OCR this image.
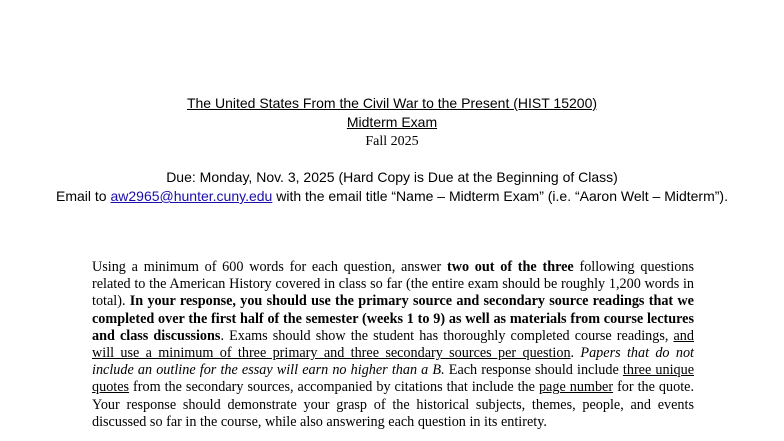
The United States From the Civil War to the Present (HIST 15200)
Midterm Exam
Fall 2025
Due: Monday, Nov. 3, 2025 (Hard Copy is Due at the Beginning of Class)
Email to aw2965@hunter.cuny.edu with the email title “Name – Midterm Exam” (i.e. “Aaron Welt – Midterm”).
Using a minimum of 600 words for each question, answer two out of the three following questions related to the American History covered in class so far (the entire exam should be roughly 1,200 words in total). In your response, you should use the primary source and secondary source readings that we completed over the first half of the semester (weeks 1 to 9) as well as materials from course lectures and class discussions. Exams should show the student has thoroughly completed course readings, and will use a minimum of three primary and three secondary sources per question. Papers that do not include an outline for the essay will earn no higher than a B. Each response should include three unique quotes from the secondary sources, accompanied by citations that include the page number for the quote. Your response should demonstrate your grasp of the historical subjects, themes, people, and events discussed so far in the course, while also answering each question in its entirety.
